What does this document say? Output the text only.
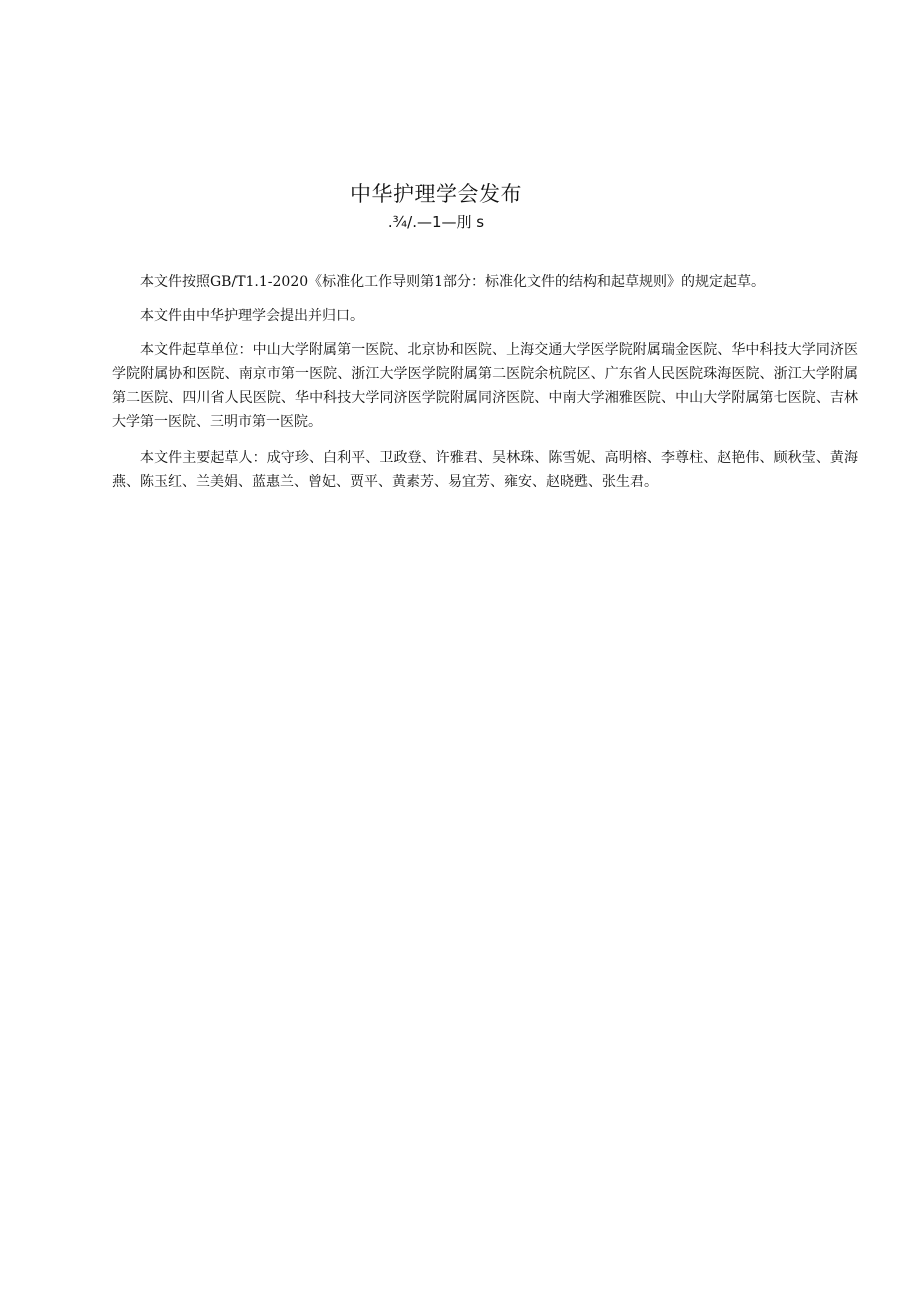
中华护理学会发布
.¾/.—1—刖 s

本文件按照GB/T1.1-2020《标准化工作导则第1部分：标准化文件的结构和起草规则》的规定起草。

本文件由中华护理学会提出并归口。

本文件起草单位：中山大学附属第一医院、北京协和医院、上海交通大学医学院附属瑞金医院、华中科技大学同济医学院附属协和医院、南京市第一医院、浙江大学医学院附属第二医院余杭院区、广东省人民医院珠海医院、浙江大学附属第二医院、四川省人民医院、华中科技大学同济医学院附属同济医院、中南大学湘雅医院、中山大学附属第七医院、吉林大学第一医院、三明市第一医院。

本文件主要起草人：成守珍、白利平、卫政登、许雅君、吴林珠、陈雪妮、高明榕、李尊柱、赵艳伟、顾秋莹、黄海燕、陈玉红、兰美娟、蓝惠兰、曾妃、贾平、黄素芳、易宜芳、雍安、赵晓甦、张生君。
